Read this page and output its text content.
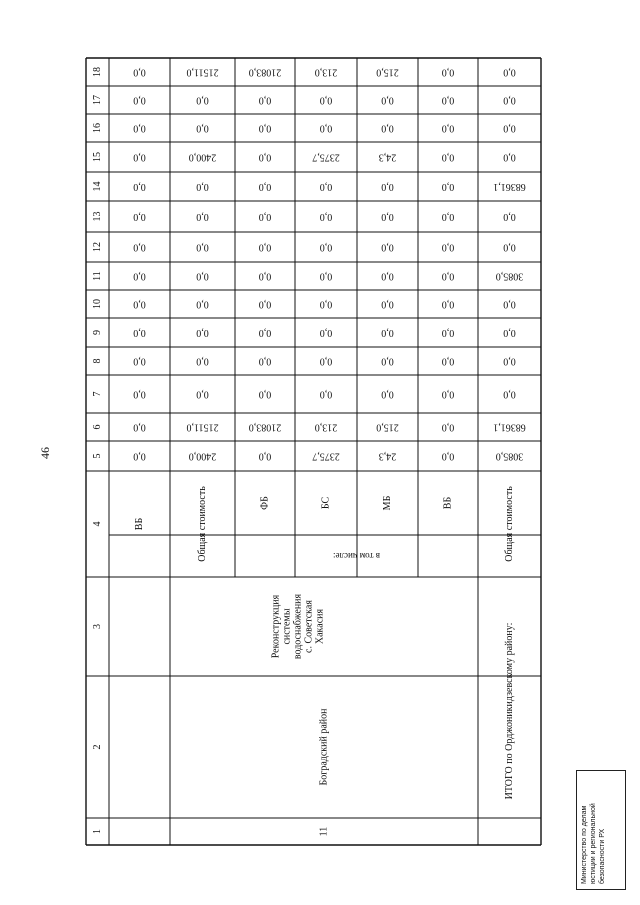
46
1
2
3
4
5
6
7
8
9
10
11
12
13
14
15
16
17
18
ВБ
0,0
0,0
0,0
0,0
0,0
0,0
0,0
0,0
0,0
0,0
0,0
0,0
0,0
0,0
Общая стоимость
2400,0
21511,0
0,0
0,0
0,0
0,0
0,0
0,0
0,0
0,0
2400,0
0,0
0,0
21511,0
ФБ
0,0
21083,0
0,0
0,0
0,0
0,0
0,0
0,0
0,0
0,0
0,0
0,0
0,0
21083,0
БС
2375,7
213,0
0,0
0,0
0,0
0,0
0,0
0,0
0,0
0,0
2375,7
0,0
0,0
213,0
МБ
24,3
215,0
0,0
0,0
0,0
0,0
0,0
0,0
0,0
0,0
24,3
0,0
0,0
215,0
ВБ
0,0
0,0
0,0
0,0
0,0
0,0
0,0
0,0
0,0
0,0
0,0
0,0
0,0
0,0
в том числе:
11
Боградский район
Реконструкция системы водоснабжения с. Советская Хакасия	ИТОГО по Орджоникидзевскому району:
Общая стоимость
3085,0
68361,1
0,0
0,0
0,0
0,0
3085,0
0,0
0,0
68361,1
0,0
0,0
0,0
0,0
Министерство по делам юстиции и региональной безопасности РХ
